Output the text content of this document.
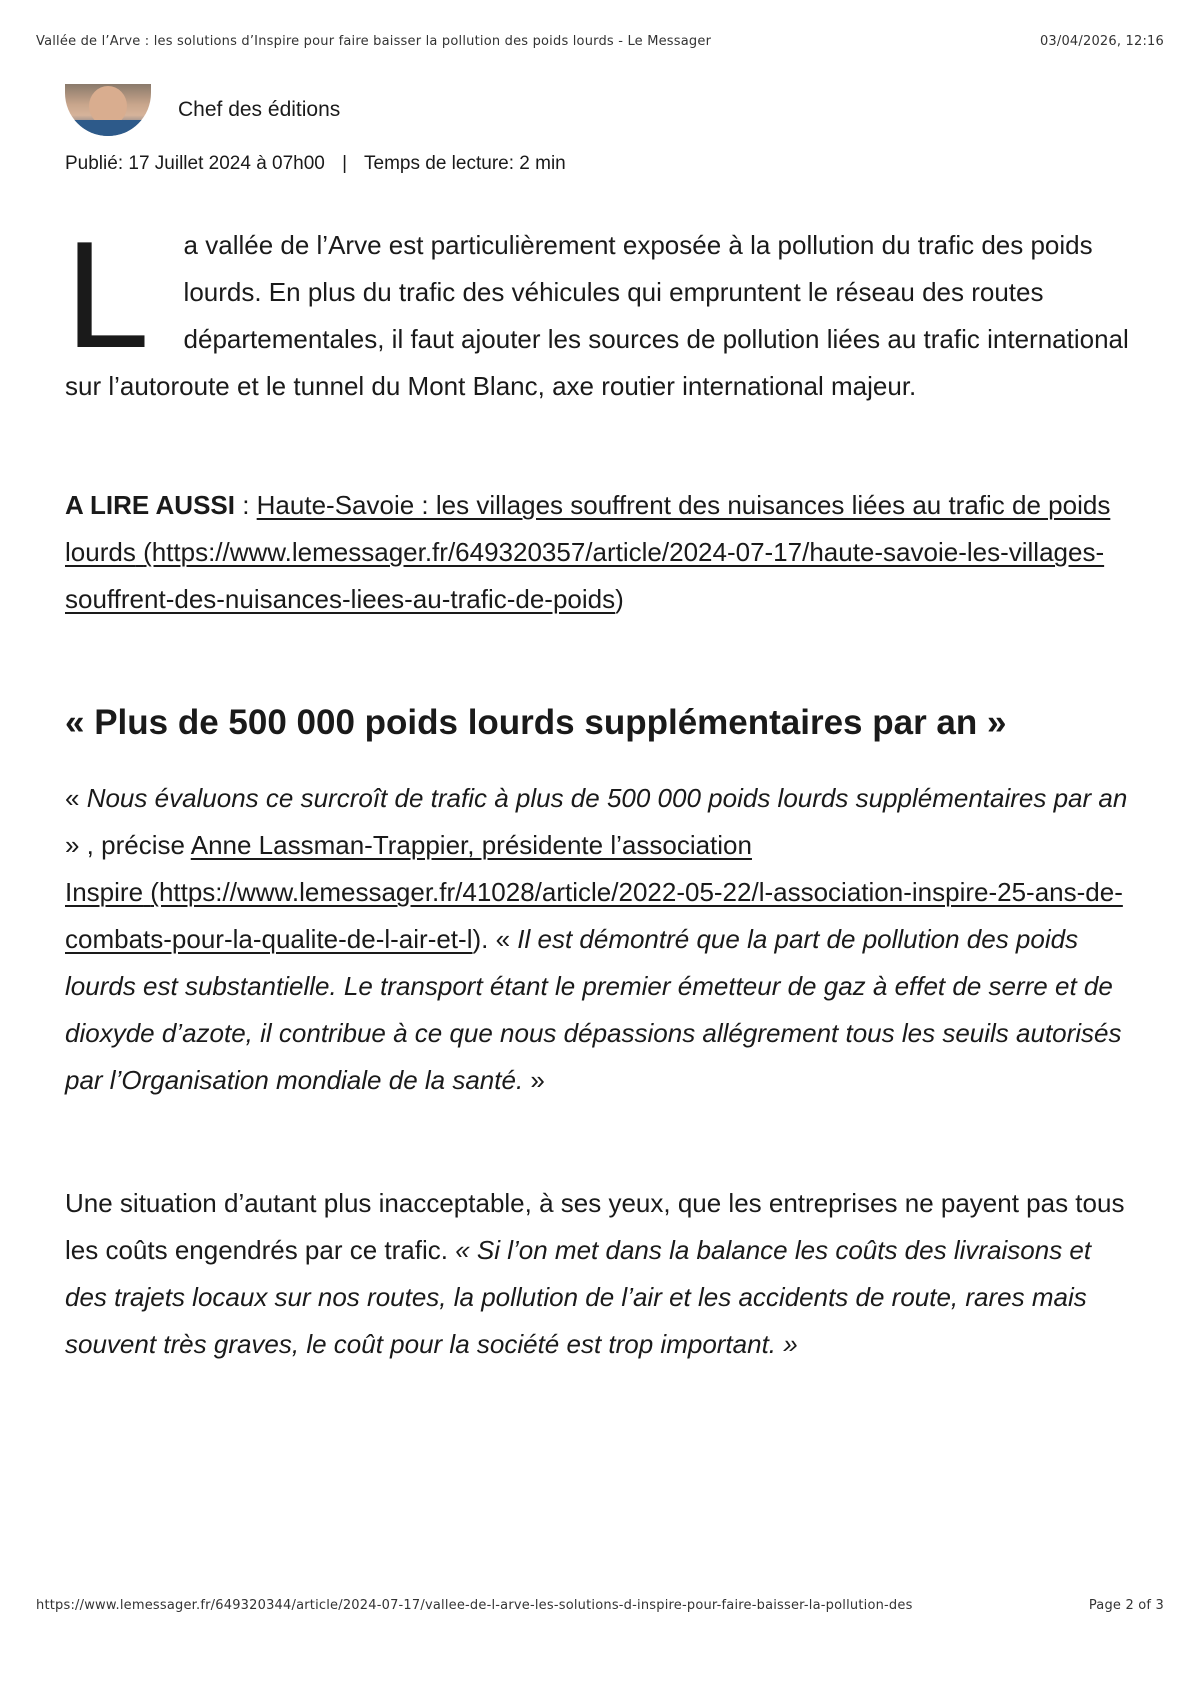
Vallée de l’Arve : les solutions d’Inspire pour faire baisser la pollution des poids lourds - Le Messager	03/04/2026, 12:16
Chef des éditions
Publié: 17 Juillet 2024 à 07h00 | Temps de lecture: 2 min

L a vallée de l’Arve est particulièrement exposée à la pollution du trafic des poids lourds. En plus du trafic des véhicules qui empruntent le réseau des routes départementales, il faut ajouter les sources de pollution liées au trafic international sur l’autoroute et le tunnel du Mont Blanc, axe routier international majeur.

A LIRE AUSSI : Haute-Savoie : les villages souffrent des nuisances liées au trafic de poids lourds (https://www.lemessager.fr/649320357/article/2024-07-17/haute-savoie-les-villages-souffrent-des-nuisances-liees-au-trafic-de-poids)

« Plus de 500 000 poids lourds supplémentaires par an »

« Nous évaluons ce surcroît de trafic à plus de 500 000 poids lourds supplémentaires par an » , précise Anne Lassman-Trappier, présidente l’association Inspire (https://www.lemessager.fr/41028/article/2022-05-22/l-association-inspire-25-ans-de-combats-pour-la-qualite-de-l-air-et-l). « Il est démontré que la part de pollution des poids lourds est substantielle. Le transport étant le premier émetteur de gaz à effet de serre et de dioxyde d’azote, il contribue à ce que nous dépassions allégrement tous les seuils autorisés par l’Organisation mondiale de la santé. »

Une situation d’autant plus inacceptable, à ses yeux, que les entreprises ne payent pas tous les coûts engendrés par ce trafic. « Si l’on met dans la balance les coûts des livraisons et des trajets locaux sur nos routes, la pollution de l’air et les accidents de route, rares mais souvent très graves, le coût pour la société est trop important. »

https://www.lemessager.fr/649320344/article/2024-07-17/vallee-de-l-arve-les-solutions-d-inspire-pour-faire-baisser-la-pollution-des	Page 2 of 3
